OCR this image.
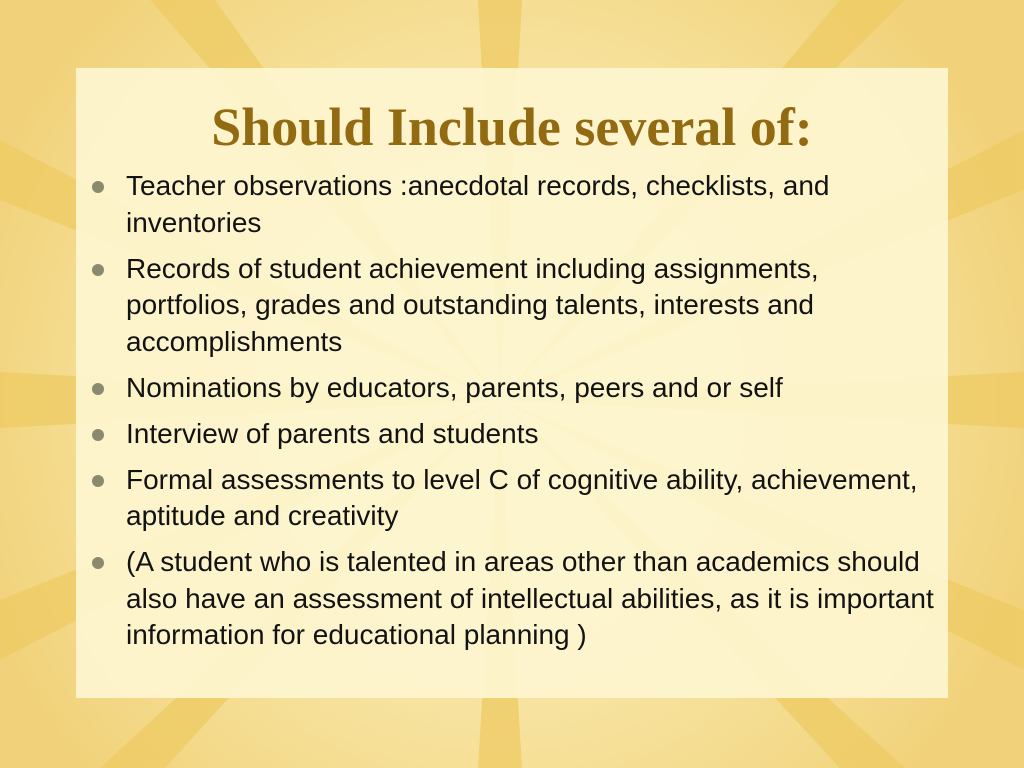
Should Include several of:
Teacher observations :anecdotal records, checklists, and inventories
Records of student achievement including assignments, portfolios, grades and outstanding talents, interests and accomplishments
Nominations by educators, parents, peers and or self
Interview of parents and students
Formal assessments to level C of cognitive ability, achievement, aptitude and creativity
(A student who is talented in areas other than academics should also have an assessment of intellectual abilities, as it is important information for educational planning )
